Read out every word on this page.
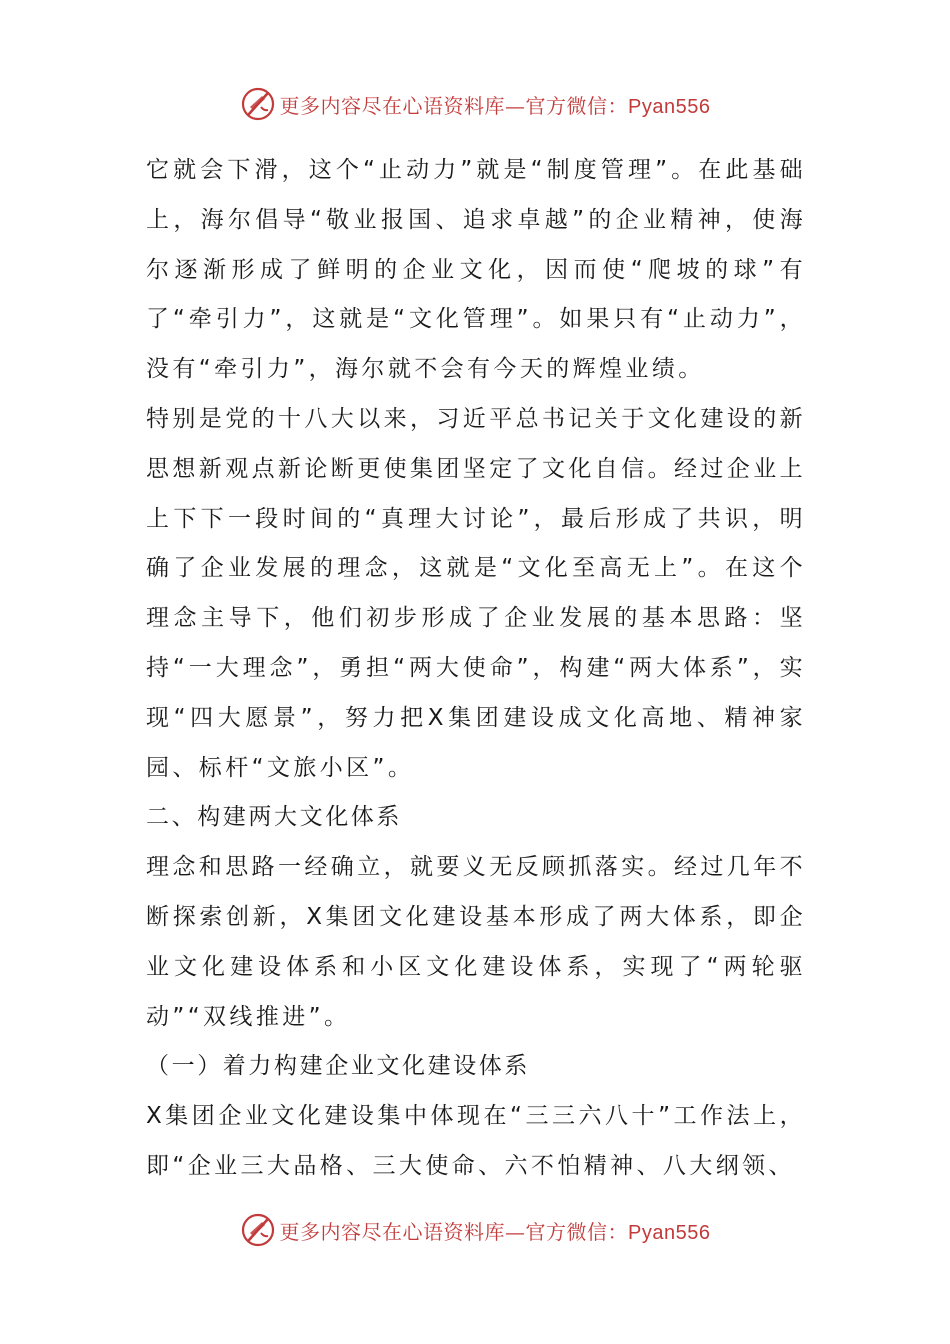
更多内容尽在心语资料库—官方微信：Pyan556

它就会下滑，这个“止动力”就是“制度管理”。在此基础上，海尔倡导“敬业报国、追求卓越”的企业精神，使海尔逐渐形成了鲜明的企业文化，因而使“爬坡的球”有了“牵引力”，这就是“文化管理”。如果只有“止动力”，没有“牵引力”，海尔就不会有今天的辉煌业绩。

特别是党的十八大以来，习近平总书记关于文化建设的新思想新观点新论断更使集团坚定了文化自信。经过企业上上下下一段时间的“真理大讨论”，最后形成了共识，明确了企业发展的理念，这就是“文化至高无上”。在这个理念主导下，他们初步形成了企业发展的基本思路：坚持“一大理念”，勇担“两大使命”，构建“两大体系”，实现“四大愿景”，努力把X集团建设成文化高地、精神家园、标杆“文旅小区”。

二、构建两大文化体系

理念和思路一经确立，就要义无反顾抓落实。经过几年不断探索创新，X集团文化建设基本形成了两大体系，即企业文化建设体系和小区文化建设体系，实现了“两轮驱动”“双线推进”。

（一）着力构建企业文化建设体系

X集团企业文化建设集中体现在“三三六八十”工作法上，即“企业三大品格、三大使命、六不怕精神、八大纲领、

更多内容尽在心语资料库—官方微信：Pyan556
